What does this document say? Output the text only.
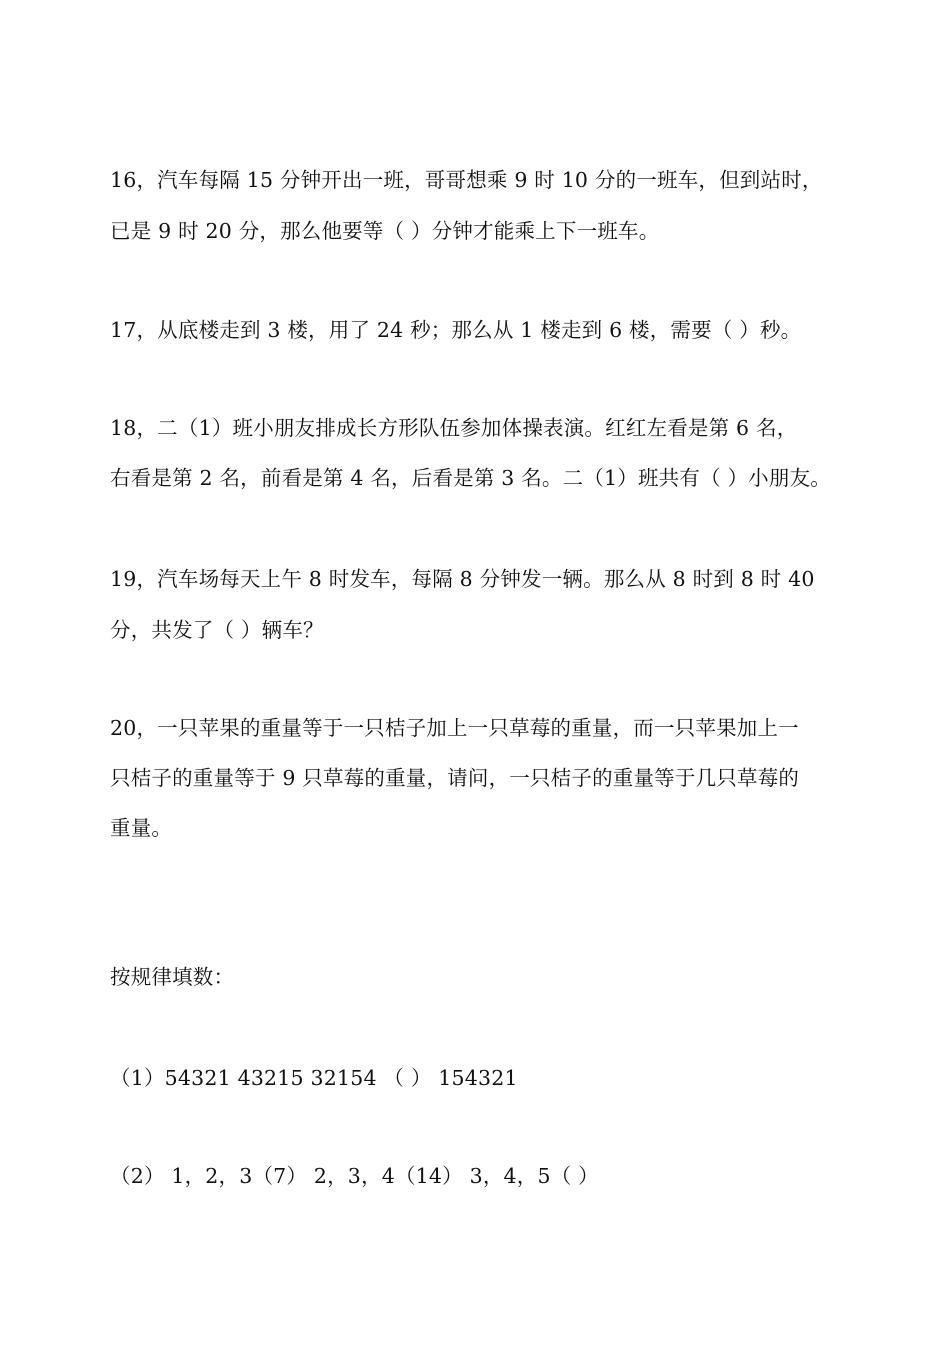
16，汽车每隔 15 分钟开出一班，哥哥想乘 9 时 10 分的一班车，但到站时，
已是 9 时 20 分，那么他要等（ ）分钟才能乘上下一班车。
17，从底楼走到 3 楼，用了 24 秒；那么从 1 楼走到 6 楼，需要（ ）秒。
18，二（1）班小朋友排成长方形队伍参加体操表演。红红左看是第 6 名，
右看是第 2 名，前看是第 4 名，后看是第 3 名。二（1）班共有（ ）小朋友。
19，汽车场每天上午 8 时发车，每隔 8 分钟发一辆。那么从 8 时到 8 时 40
分，共发了（ ）辆车？
20，一只苹果的重量等于一只桔子加上一只草莓的重量，而一只苹果加上一
只桔子的重量等于 9 只草莓的重量，请问，一只桔子的重量等于几只草莓的
重量。
按规律填数：
（1）54321 43215 32154 （ ） 154321
（2） 1，2，3（7） 2，3，4（14） 3，4，5（ ）
